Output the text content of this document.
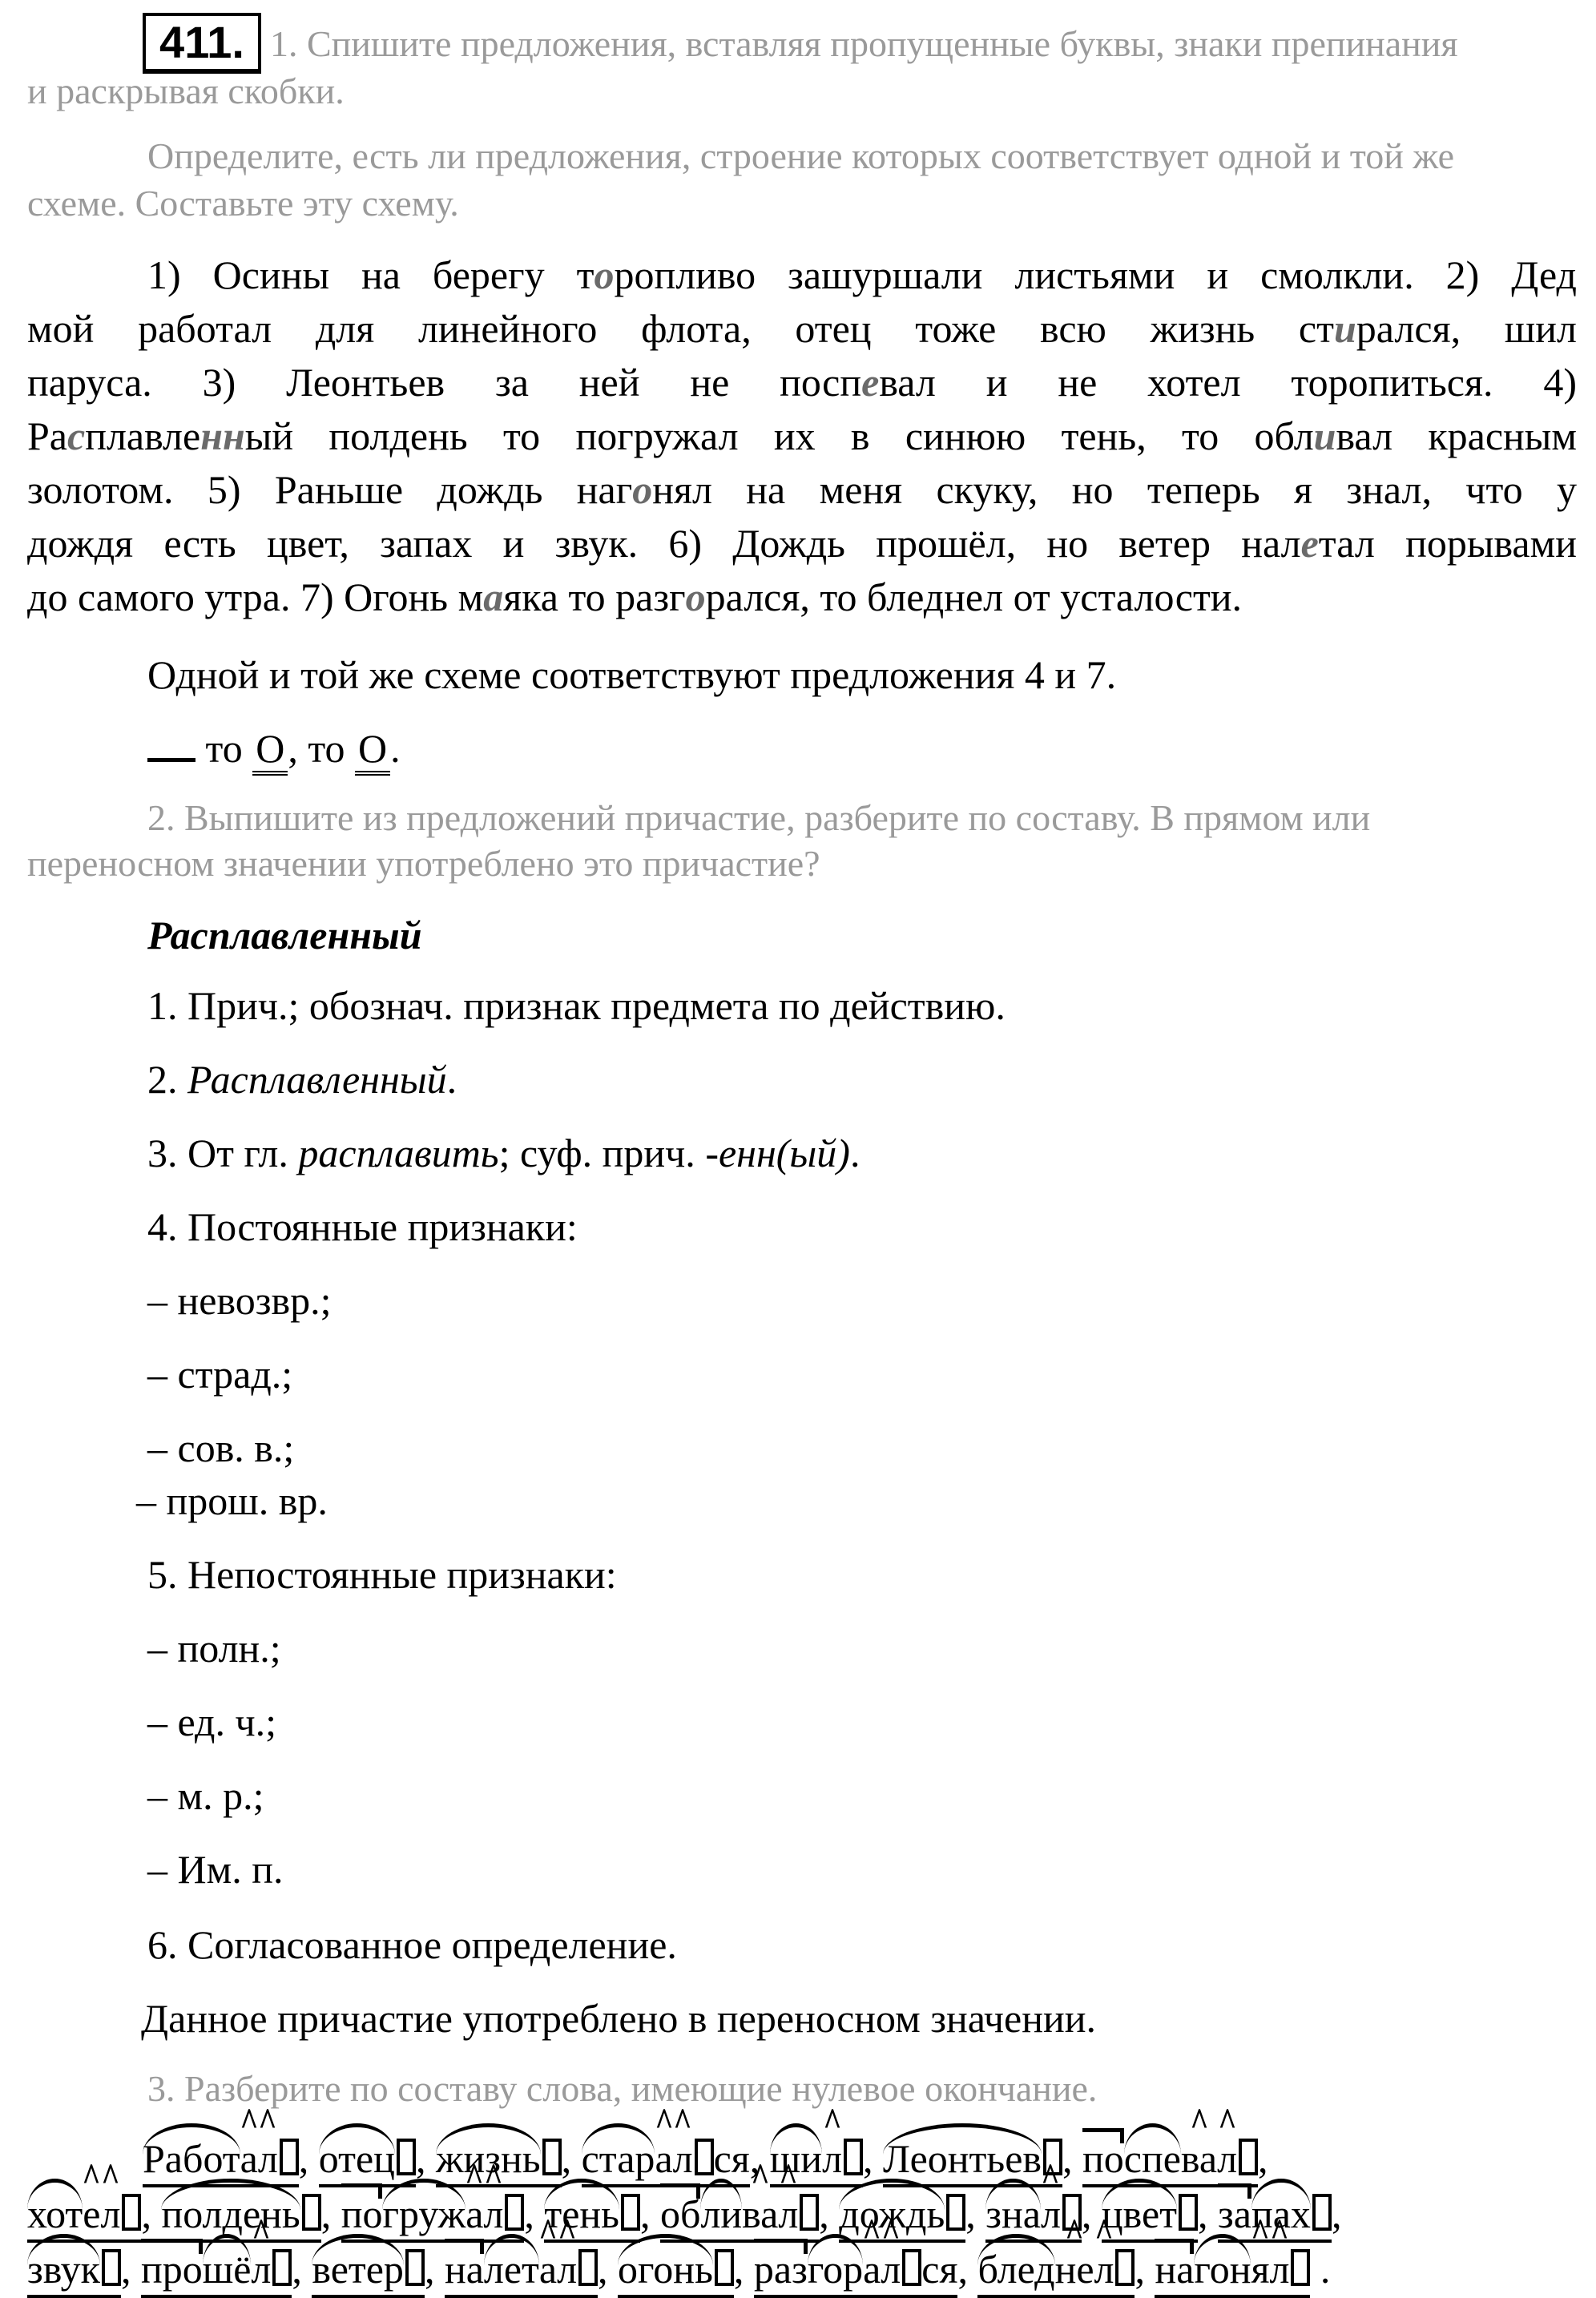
411. 1. Спишите предложения, вставляя пропущенные буквы, знаки препинания
и раскрывая скобки.
Определите, есть ли предложения, строение которых соответствует одной и той же
схеме. Составьте эту схему.
1) Осины на берегу торопливо зашуршали листьями и смолкли. 2) Дед
мой работал для линейного флота, отец тоже всю жизнь стирался, шил
паруса. 3) Леонтьев за ней не поспевал и не хотел торопиться. 4)
Расплавленный полдень то погружал их в синюю тень, то обливал красным
золотом. 5) Раньше дождь нагонял на меня скуку, но теперь я знал, что у
дождя есть цвет, запах и звук. 6) Дождь прошёл, но ветер налетал порывами
до самого утра. 7) Огонь маяка то разгорался, то бледнел от усталости.
Одной и той же схеме соответствуют предложения 4 и 7.
то О, то О.
2. Выпишите из предложений причастие, разберите по составу. В прямом или
переносном значении употреблено это причастие?
Расплавленный
1. Прич.; обознач. признак предмета по действию.
2. Расплавленный.
3. От гл. расплавить; суф. прич. -енн(ый).
4. Постоянные признаки:
– невозвр.;
– страд.;
– сов. в.;
– прош. вр.
5. Непостоянные признаки:
– полн.;
– ед. ч.;
– м. р.;
– Им. п.
6. Согласованное определение.
Данное причастие употреблено в переносном значении.
3. Разберите по составу слова, имеющие нулевое окончание.
Работ^ а^ л , отец , жизнь , стар^ а^ л ся, ши^ л , Леонтьев , поспе^ ва^ л ,
хот^ е^ л , полдень , погруж^ а^ л , тень , обли^ ва^ л , дождь , зна^ л , цвет , запах ,
звук , прошё^ л , ветер , налет^ а^ л , огонь , разгор^ а^ л ся, блед^ не^ л , нагон^ я^ л .
